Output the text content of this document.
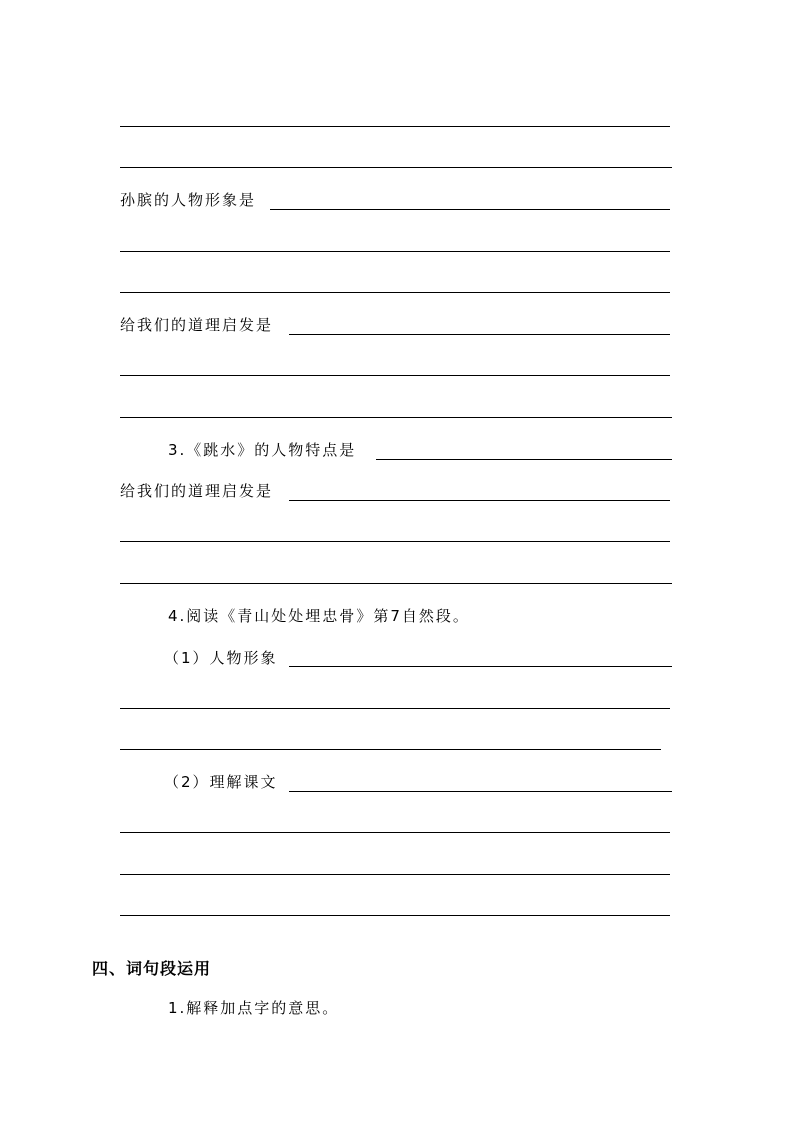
孙膑的人物形象是
给我们的道理启发是
3.《跳水》的人物特点是
给我们的道理启发是
4.阅读《青山处处埋忠骨》第7自然段。
（1）人物形象
（2）理解课文
四、词句段运用
1.解释加点字的意思。
